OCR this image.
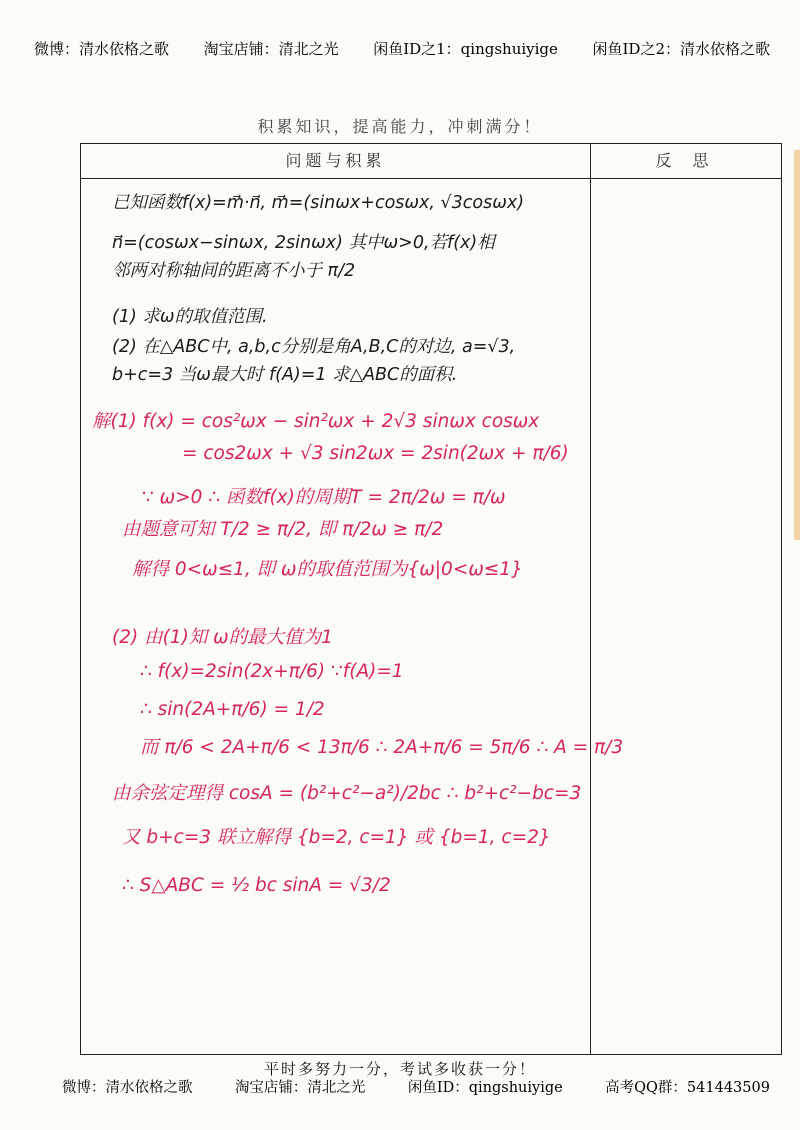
微博：清水依格之歌 淘宝店铺：清北之光 闲鱼ID之1：qingshuiyige 闲鱼ID之2：清水依格之歌
积累知识，提高能力，冲刺满分！
问题与积累	反 思
已知函数f(x)=m⃗·n⃗, m⃗=(sinωx+cosωx, √3cosωx)
n⃗=(cosωx−sinωx, 2sinωx) 其中ω>0,若f(x)相
邻两对称轴间的距离不小于 π/2
(1) 求ω的取值范围.
(2) 在△ABC中, a,b,c分别是角A,B,C的对边, a=√3,
b+c=3 当ω最大时 f(A)=1 求△ABC的面积.
解(1) f(x) = cos²ωx − sin²ωx + 2√3 sinωx cosωx
= cos2ωx + √3 sin2ωx = 2sin(2ωx + π/6)
∵ ω>0 ∴ 函数f(x)的周期T = 2π/2ω = π/ω
由题意可知 T/2 ≥ π/2, 即 π/2ω ≥ π/2
解得 0<ω≤1, 即 ω的取值范围为{ω|0<ω≤1}
(2) 由(1)知 ω的最大值为1
∴ f(x)=2sin(2x+π/6) ∵f(A)=1
∴ sin(2A+π/6) = 1/2
而 π/6 < 2A+π/6 < 13π/6 ∴ 2A+π/6 = 5π/6 ∴ A = π/3
由余弦定理得 cosA = (b²+c²−a²)/2bc ∴ b²+c²−bc=3
又 b+c=3 联立解得 {b=2, c=1} 或 {b=1, c=2}
∴ S△ABC = ½ bc sinA = √3/2
平时多努力一分，考试多收获一分！
微博：清水依格之歌	淘宝店铺：清北之光	闲鱼ID：qingshuiyige	高考QQ群：541443509
